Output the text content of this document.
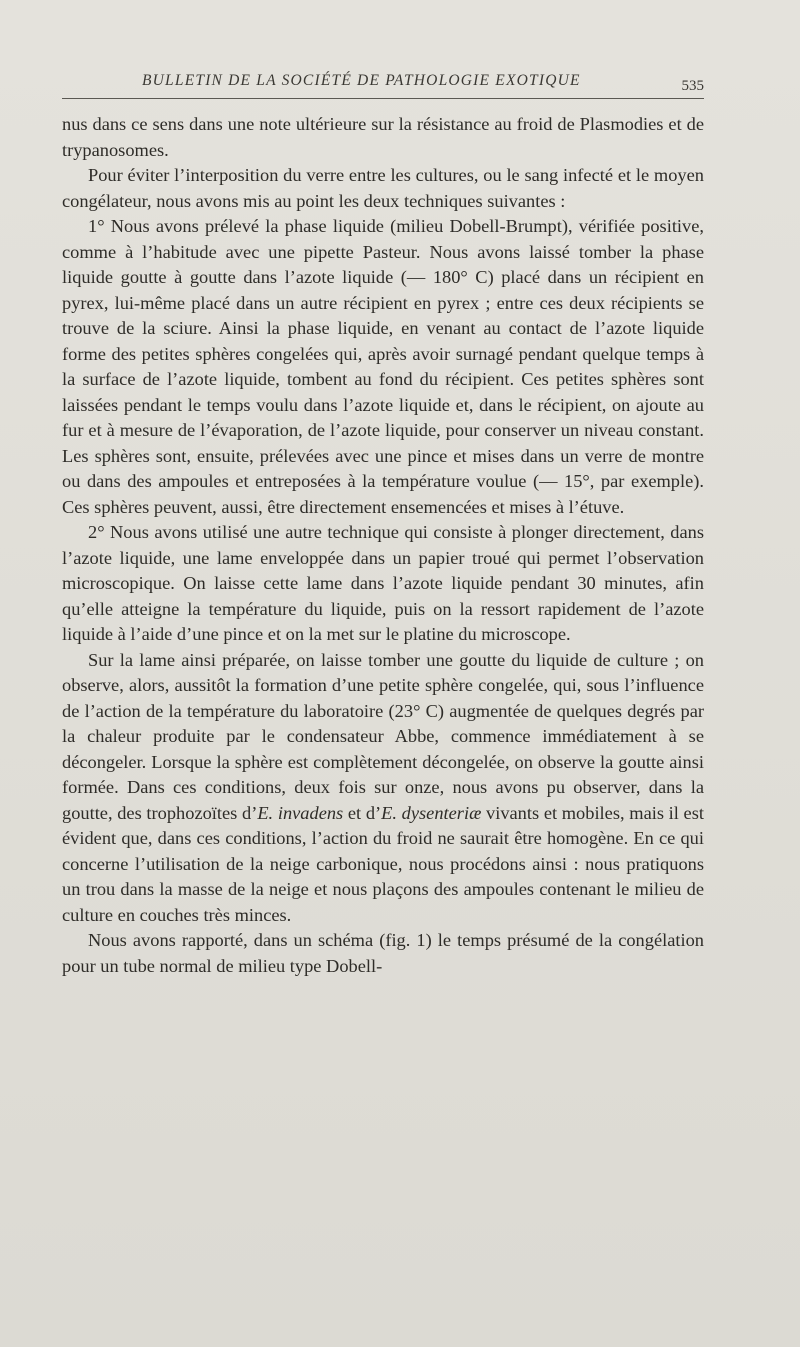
BULLETIN DE LA SOCIÉTÉ DE PATHOLOGIE EXOTIQUE	535

nus dans ce sens dans une note ultérieure sur la résistance au froid de Plasmodies et de trypanosomes.

Pour éviter l’interposition du verre entre les cultures, ou le sang infecté et le moyen congélateur, nous avons mis au point les deux techniques suivantes :

1° Nous avons prélevé la phase liquide (milieu Dobell-Brumpt), vérifiée positive, comme à l’habitude avec une pipette Pasteur. Nous avons laissé tomber la phase liquide goutte à goutte dans l’azote liquide (— 180° C) placé dans un récipient en pyrex, lui-même placé dans un autre récipient en pyrex ; entre ces deux récipients se trouve de la sciure. Ainsi la phase liquide, en venant au contact de l’azote liquide forme des petites sphères congelées qui, après avoir surnagé pendant quelque temps à la surface de l’azote liquide, tombent au fond du récipient. Ces petites sphères sont laissées pendant le temps voulu dans l’azote liquide et, dans le récipient, on ajoute au fur et à mesure de l’évaporation, de l’azote liquide, pour conserver un niveau constant. Les sphères sont, ensuite, prélevées avec une pince et mises dans un verre de montre ou dans des ampoules et entreposées à la température voulue (— 15°, par exemple). Ces sphères peuvent, aussi, être directement ensemencées et mises à l’étuve.

2° Nous avons utilisé une autre technique qui consiste à plonger directement, dans l’azote liquide, une lame enveloppée dans un papier troué qui permet l’observation microscopique. On laisse cette lame dans l’azote liquide pendant 30 minutes, afin qu’elle atteigne la température du liquide, puis on la ressort rapidement de l’azote liquide à l’aide d’une pince et on la met sur le platine du microscope.

Sur la lame ainsi préparée, on laisse tomber une goutte du liquide de culture ; on observe, alors, aussitôt la formation d’une petite sphère congelée, qui, sous l’influence de l’action de la température du laboratoire (23° C) augmentée de quelques degrés par la chaleur produite par le condensateur Abbe, commence immédiatement à se décongeler. Lorsque la sphère est complètement décongelée, on observe la goutte ainsi formée. Dans ces conditions, deux fois sur onze, nous avons pu observer, dans la goutte, des trophozoïtes d’E. invadens et d’E. dysenteriæ vivants et mobiles, mais il est évident que, dans ces conditions, l’action du froid ne saurait être homogène. En ce qui concerne l’utilisation de la neige carbonique, nous procédons ainsi : nous pratiquons un trou dans la masse de la neige et nous plaçons des ampoules contenant le milieu de culture en couches très minces.

Nous avons rapporté, dans un schéma (fig. 1) le temps présumé de la congélation pour un tube normal de milieu type Dobell-
